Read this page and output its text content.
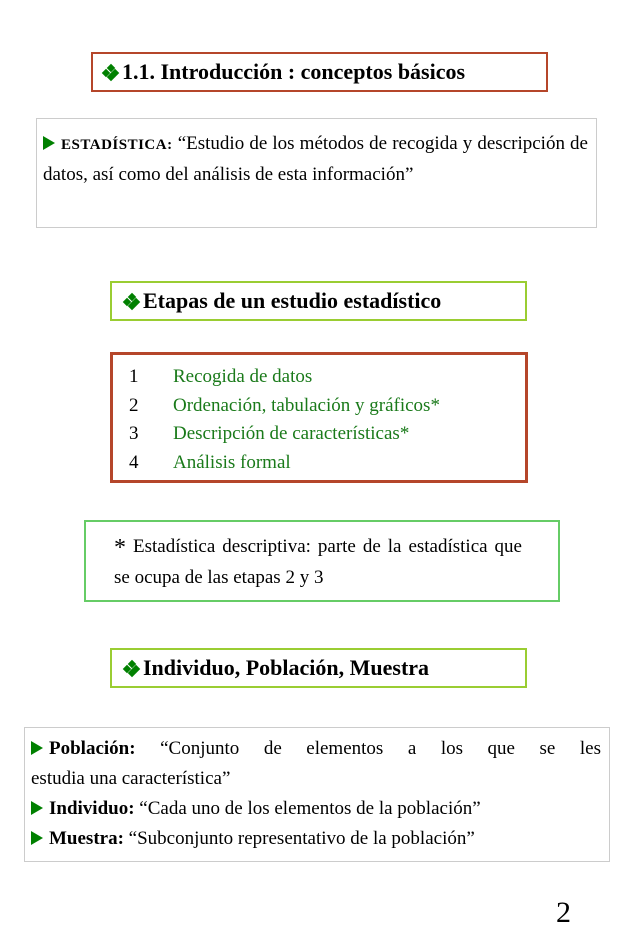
1.1. Introducción : conceptos básicos
ESTADÍSTICA: “Estudio de los métodos de recogida y descripción de datos, así como del análisis de esta información”
Etapas de un estudio estadístico
1	Recogida de datos
2	Ordenación, tabulación y gráficos*
3	Descripción de características*
4	Análisis formal
* Estadística descriptiva: parte de la estadística que se ocupa de las etapas 2 y 3
Individuo, Población, Muestra
Población: “Conjunto de elementos a los que se les
estudia una característica”
Individuo: “Cada uno de los elementos de la población”
Muestra: “Subconjunto representativo de la población”
2
